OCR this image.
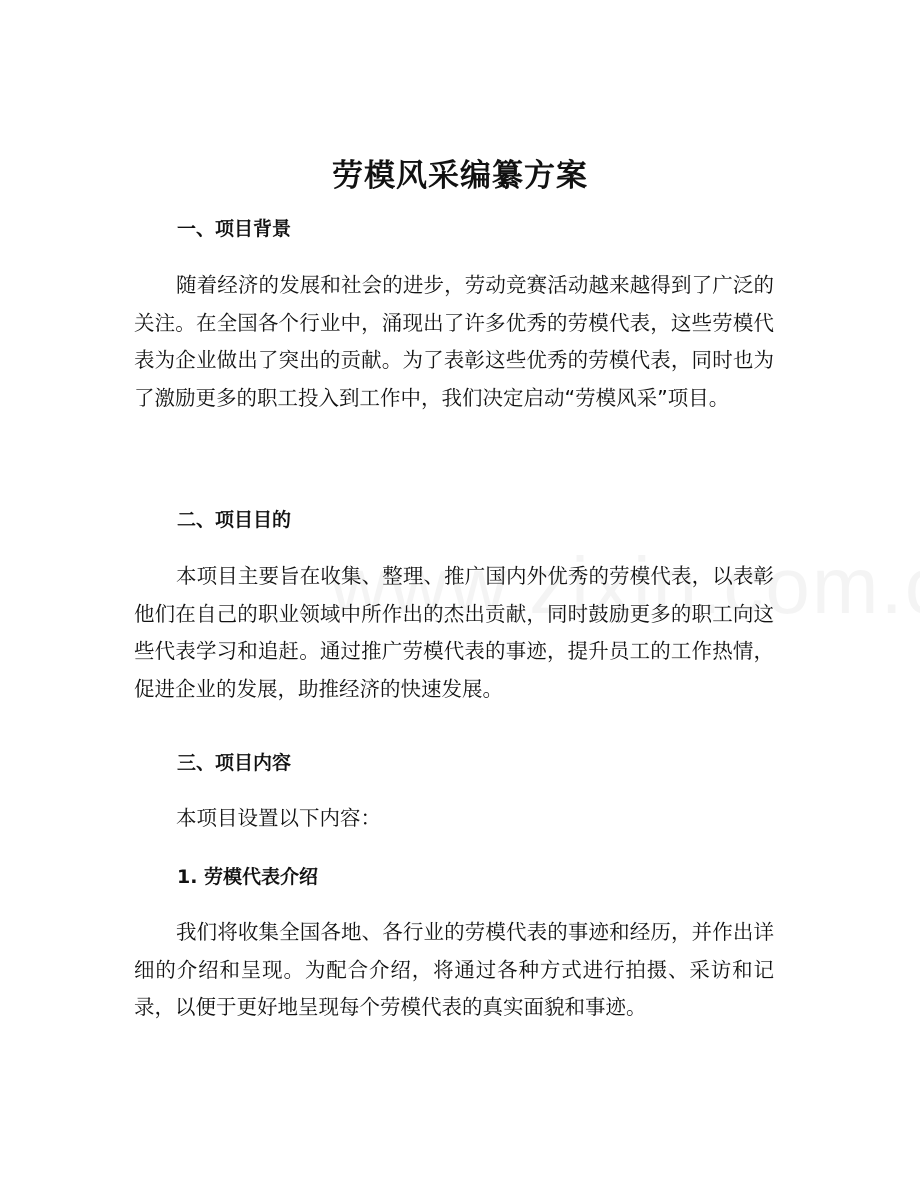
劳模风采编纂方案
一、项目背景

随着经济的发展和社会的进步，劳动竞赛活动越来越得到了广泛的关注。在全国各个行业中，涌现出了许多优秀的劳模代表，这些劳模代表为企业做出了突出的贡献。为了表彰这些优秀的劳模代表，同时也为了激励更多的职工投入到工作中，我们决定启动“劳模风采”项目。

二、项目目的

本项目主要旨在收集、整理、推广国内外优秀的劳模代表，以表彰他们在自己的职业领域中所作出的杰出贡献，同时鼓励更多的职工向这些代表学习和追赶。通过推广劳模代表的事迹，提升员工的工作热情，促进企业的发展，助推经济的快速发展。

三、项目内容

本项目设置以下内容：

1. 劳模代表介绍

我们将收集全国各地、各行业的劳模代表的事迹和经历，并作出详细的介绍和呈现。为配合介绍，将通过各种方式进行拍摄、采访和记录，以便于更好地呈现每个劳模代表的真实面貌和事迹。
